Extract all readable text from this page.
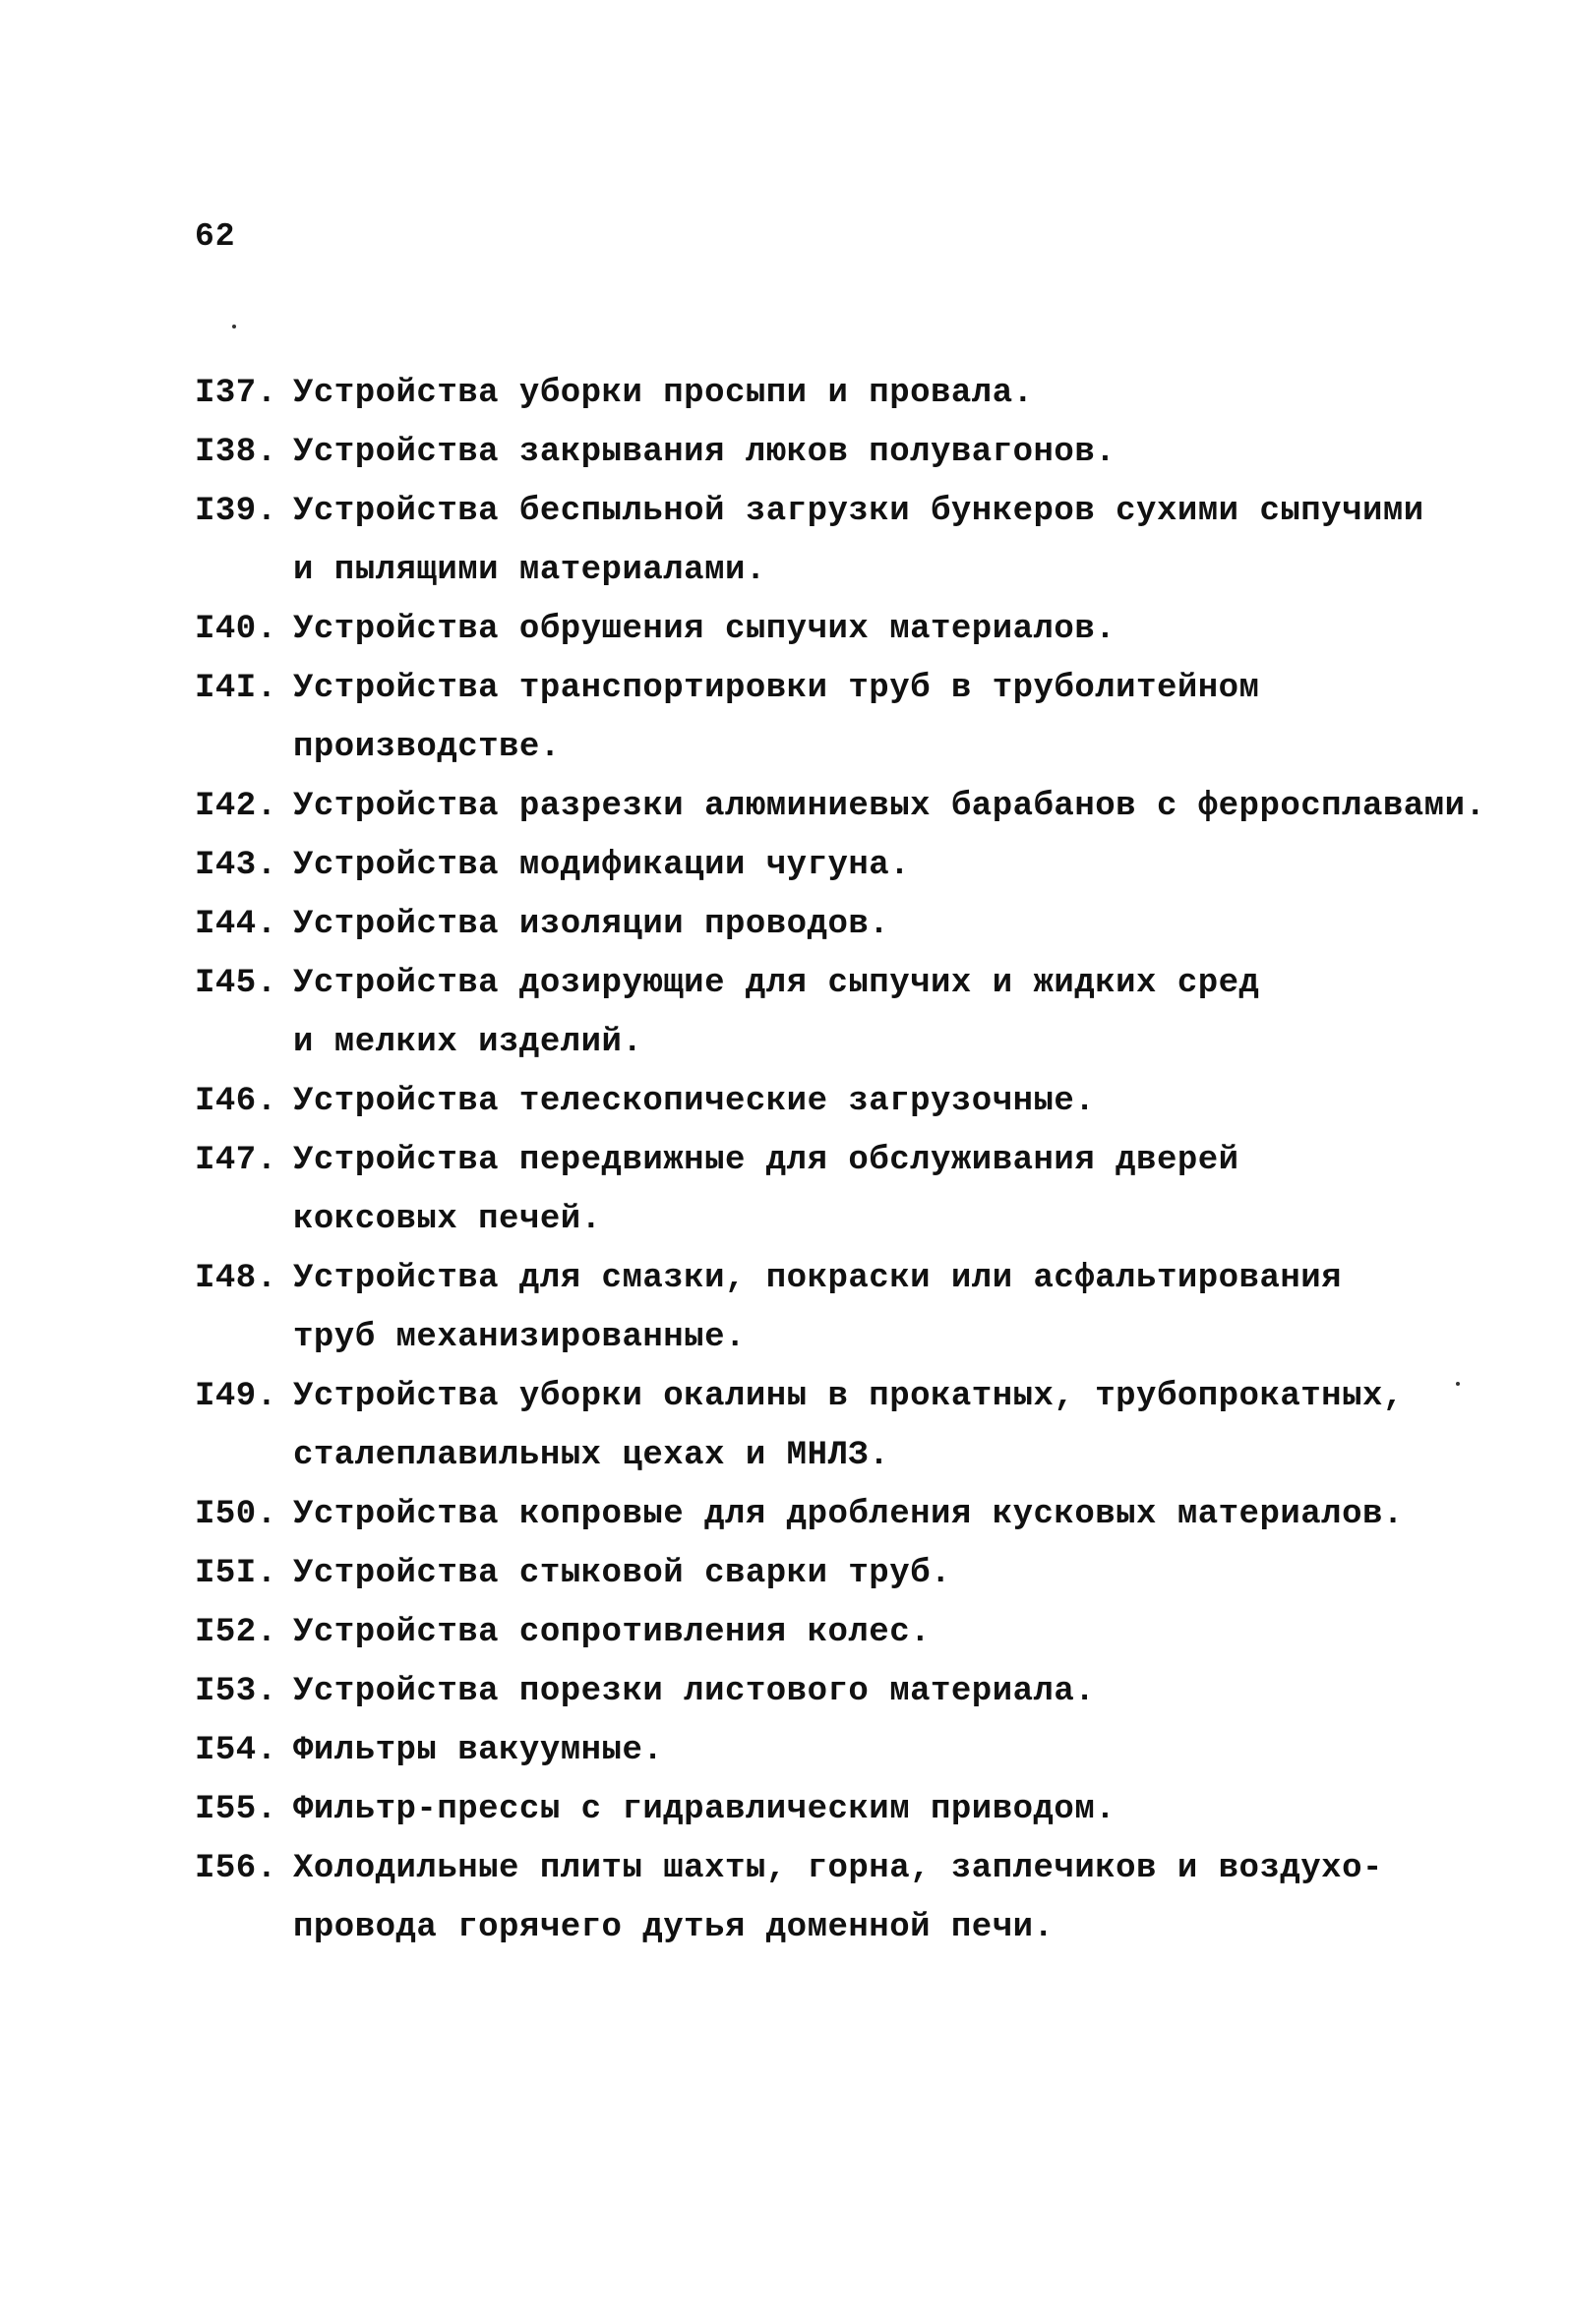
62
I37. Устройства уборки просыпи и провала.
I38. Устройства закрывания люков полувагонов.
I39. Устройства беспыльной загрузки бункеров сухими сыпучими
и пылящими материалами.
I40. Устройства обрушения сыпучих материалов.
I4I. Устройства транспортировки труб в труболитейном
производстве.
I42. Устройства разрезки алюминиевых барабанов с ферросплавами.
I43. Устройства модификации чугуна.
I44. Устройства изоляции проводов.
I45. Устройства дозирующие для сыпучих и жидких сред
и мелких изделий.
I46. Устройства телескопические загрузочные.
I47. Устройства передвижные для обслуживания дверей
коксовых печей.
I48. Устройства для смазки, покраски или асфальтирования
труб механизированные.
I49. Устройства уборки окалины в прокатных, трубопрокатных,
сталеплавильных цехах и МНЛЗ.
I50. Устройства копровые для дробления кусковых материалов.
I5I. Устройства стыковой сварки труб.
I52. Устройства сопротивления колес.
I53. Устройства порезки листового материала.
I54. Фильтры вакуумные.
I55. Фильтр-прессы с гидравлическим приводом.
I56. Холодильные плиты шахты, горна, заплечиков и воздухо-
провода горячего дутья доменной печи.
